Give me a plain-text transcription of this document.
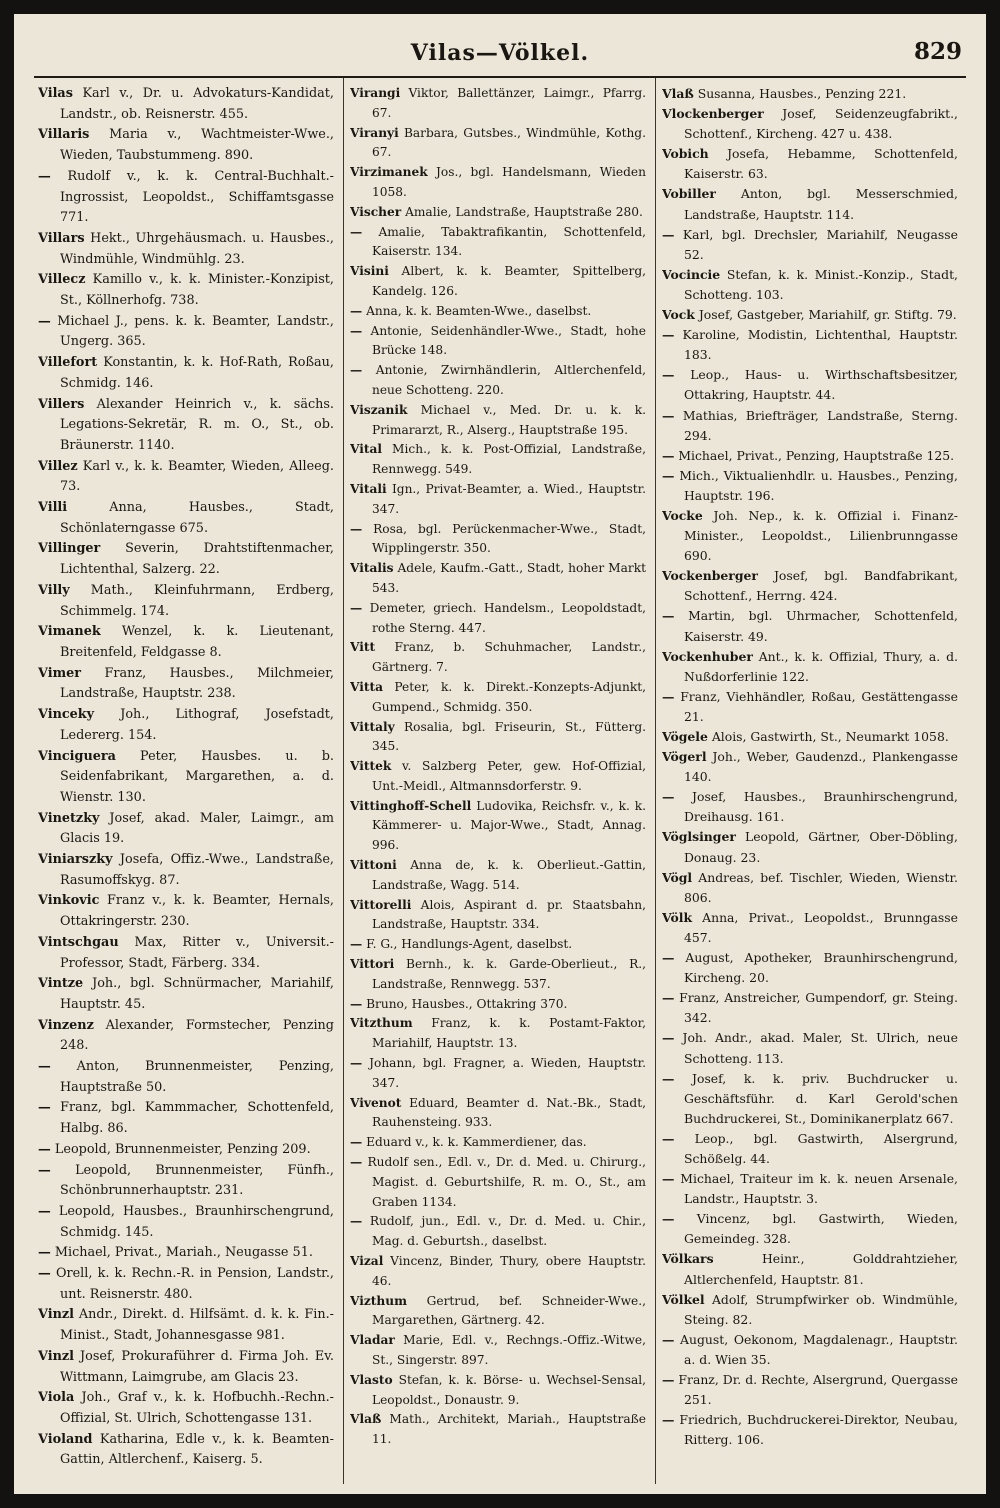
Vilas—Völkel.	829
Vilas Karl v., Dr. u. Advokaturs-Kandidat, Landstr., ob. Reisnerstr. 455.
Villaris Maria v., Wachtmeister-Wwe., Wieden, Taubstummeng. 890.
— Rudolf v., k. k. Central-Buchhalt.-Ingrossist, Leopoldst., Schiffamtsgasse 771.
Villars Hekt., Uhrgehäusmach. u. Hausbes., Windmühle, Windmühlg. 23.
Villecz Kamillo v., k. k. Minister.-Konzipist, St., Köllnerhofg. 738.
— Michael J., pens. k. k. Beamter, Landstr., Ungerg. 365.
Villefort Konstantin, k. k. Hof-Rath, Roßau, Schmidg. 146.
Villers Alexander Heinrich v., k. sächs. Legations-Sekretär, R. m. O., St., ob. Bräunerstr. 1140.
Villez Karl v., k. k. Beamter, Wieden, Alleeg. 73.
Villi	Anna, Hausbes., Stadt, Schönlaterngasse 675.
Villinger Severin, Drahtstiftenmacher, Lichtenthal, Salzerg. 22.
Villy Math., Kleinfuhrmann, Erdberg, Schimmelg. 174.
Vimanek Wenzel, k. k. Lieutenant, Breitenfeld, Feldgasse 8.
Vimer Franz, Hausbes., Milchmeier, Landstraße, Hauptstr. 238.
Vinceky Joh., Lithograf, Josefstadt, Ledererg. 154.
Vinciguera Peter, Hausbes. u. b. Seidenfabrikant, Margarethen, a. d. Wienstr. 130.
Vinetzky Josef, akad. Maler, Laimgr., am Glacis 19.
Viniarszky Josefa, Offiz.-Wwe., Landstraße, Rasumoffskyg. 87.
Vinkovic Franz v., k. k. Beamter, Hernals, Ottakringerstr. 230.
Vintschgau Max, Ritter v., Universit.-Professor, Stadt, Färberg. 334.
Vintze Joh., bgl. Schnürmacher, Mariahilf, Hauptstr. 45.
Vinzenz Alexander, Formstecher, Penzing 248.
— Anton, Brunnenmeister, Penzing, Hauptstraße 50.
— Franz, bgl. Kammmacher, Schottenfeld, Halbg. 86.
— Leopold, Brunnenmeister, Penzing 209.
— Leopold, Brunnenmeister, Fünfh., Schönbrunnerhauptstr. 231.
— Leopold, Hausbes., Braunhirschengrund, Schmidg. 145.
— Michael, Privat., Mariah., Neugasse 51.
— Orell, k. k. Rechn.-R. in Pension, Landstr., unt. Reisnerstr. 480.
Vinzl Andr., Direkt. d. Hilfsämt. d. k. k. Fin.-Minist., Stadt, Johannesgasse 981.
Vinzl Josef, Prokuraführer d. Firma Joh. Ev. Wittmann, Laimgrube, am Glacis 23.
Viola Joh., Graf v., k. k. Hofbuchh.-Rechn.-Offizial, St. Ulrich, Schottengasse 131.
Violand Katharina, Edle v., k. k. Beamten-Gattin, Altlerchenf., Kaiserg. 5.
Virangi Viktor, Ballettänzer, Laimgr., Pfarrg. 67.
Viranyi Barbara, Gutsbes., Windmühle, Kothg. 67.
Virzimanek Jos., bgl. Handelsmann, Wieden 1058.
Vischer Amalie, Landstraße, Hauptstraße 280.
— Amalie, Tabaktrafikantin, Schottenfeld, Kaiserstr. 134.
Visini Albert, k. k. Beamter, Spittelberg, Kandelg. 126.
— Anna, k. k. Beamten-Wwe., daselbst.
— Antonie, Seidenhändler-Wwe., Stadt, hohe Brücke 148.
— Antonie, Zwirnhändlerin, Altlerchenfeld, neue Schotteng. 220.
Viszanik Michael v., Med. Dr. u. k. k. Primararzt, R., Alserg., Hauptstraße 195.
Vital Mich., k. k. Post-Offizial, Landstraße, Rennwegg. 549.
Vitali Ign., Privat-Beamter, a. Wied., Hauptstr. 347.
— Rosa, bgl. Perückenmacher-Wwe., Stadt, Wipplingerstr. 350.
Vitalis Adele, Kaufm.-Gatt., Stadt, hoher Markt 543.
— Demeter, griech. Handelsm., Leopoldstadt, rothe Sterng. 447.
Vitt Franz, b. Schuhmacher, Landstr., Gärtnerg. 7.
Vitta Peter, k. k. Direkt.-Konzepts-Adjunkt, Gumpend., Schmidg. 350.
Vittaly Rosalia, bgl. Friseurin, St., Fütterg. 345.
Vittek v. Salzberg Peter, gew. Hof-Offizial, Unt.-Meidl., Altmannsdorferstr. 9.
Vittinghoff-Schell Ludovika, Reichsfr. v., k. k. Kämmerer- u. Major-Wwe., Stadt, Annag. 996.
Vittoni Anna de, k. k. Oberlieut.-Gattin, Landstraße, Wagg. 514.
Vittorelli Alois, Aspirant d. pr. Staatsbahn, Landstraße, Hauptstr. 334.
— F. G., Handlungs-Agent, daselbst.
Vittori Bernh., k. k. Garde-Oberlieut., R., Landstraße, Rennwegg. 537.
— Bruno, Hausbes., Ottakring 370.
Vitzthum Franz, k. k. Postamt-Faktor, Mariahilf, Hauptstr. 13.
— Johann, bgl. Fragner, a. Wieden, Hauptstr. 347.
Vivenot Eduard, Beamter d. Nat.-Bk., Stadt, Rauhensteing. 933.
— Eduard v., k. k. Kammerdiener, das.
— Rudolf sen., Edl. v., Dr. d. Med. u. Chirurg., Magist. d. Geburtshilfe, R. m. O., St., am Graben 1134.
— Rudolf, jun., Edl. v., Dr. d. Med. u. Chir., Mag. d. Geburtsh., daselbst.
Vizal Vincenz, Binder, Thury, obere Hauptstr. 46.
Vizthum Gertrud, bef. Schneider-Wwe., Margarethen, Gärtnerg. 42.
Vladar Marie, Edl. v., Rechngs.-Offiz.-Witwe, St., Singerstr. 897.
Vlasto Stefan, k. k. Börse- u. Wechsel-Sensal, Leopoldst., Donaustr. 9.
Vlaß Math., Architekt, Mariah., Hauptstraße 11.
Vlaß Susanna, Hausbes., Penzing 221.
Vlockenberger Josef, Seidenzeugfabrikt., Schottenf., Kircheng. 427 u. 438.
Vobich Josefa, Hebamme, Schottenfeld, Kaiserstr. 63.
Vobiller Anton, bgl. Messerschmied, Landstraße, Hauptstr. 114.
— Karl, bgl. Drechsler, Mariahilf, Neugasse 52.
Vocincie Stefan, k. k. Minist.-Konzip., Stadt, Schotteng. 103.
Vock Josef, Gastgeber, Mariahilf, gr. Stiftg. 79.
— Karoline, Modistin, Lichtenthal, Hauptstr. 183.
— Leop., Haus- u. Wirthschaftsbesitzer, Ottakring, Hauptstr. 44.
— Mathias, Briefträger, Landstraße, Sterng. 294.
— Michael, Privat., Penzing, Hauptstraße 125.
— Mich., Viktualienhdlr. u. Hausbes., Penzing, Hauptstr. 196.
Vocke Joh. Nep., k. k. Offizial i. Finanz-Minister., Leopoldst., Lilienbrunngasse 690.
Vockenberger Josef, bgl. Bandfabrikant, Schottenf., Herrng. 424.
— Martin, bgl. Uhrmacher, Schottenfeld, Kaiserstr. 49.
Vockenhuber Ant., k. k. Offizial, Thury, a. d. Nußdorferlinie 122.
— Franz, Viehhändler, Roßau, Gestättengasse 21.
Vögele Alois, Gastwirth, St., Neumarkt 1058.
Vögerl Joh., Weber, Gaudenzd., Plankengasse 140.
— Josef, Hausbes., Braunhirschengrund, Dreihausg. 161.
Vöglsinger Leopold, Gärtner, Ober-Döbling, Donaug. 23.
Vögl Andreas, bef. Tischler, Wieden, Wienstr. 806.
Völk Anna, Privat., Leopoldst., Brunngasse 457.
— August, Apotheker, Braunhirschengrund, Kircheng. 20.
— Franz, Anstreicher, Gumpendorf, gr. Steing. 342.
— Joh. Andr., akad. Maler, St. Ulrich, neue Schotteng. 113.
— Josef, k. k. priv. Buchdrucker u. Geschäftsführ. d. Karl Gerold'schen Buchdruckerei, St., Dominikanerplatz 667.
— Leop., bgl. Gastwirth, Alsergrund, Schößelg. 44.
— Michael, Traiteur im k. k. neuen Arsenale, Landstr., Hauptstr. 3.
— Vincenz, bgl. Gastwirth, Wieden, Gemeindeg. 328.
Völkars	Heinr., Golddrahtzieher, Altlerchenfeld, Hauptstr. 81.
Völkel Adolf, Strumpfwirker ob. Windmühle, Steing. 82.
— August, Oekonom, Magdalenagr., Hauptstr. a. d. Wien 35.
— Franz, Dr. d. Rechte, Alsergrund, Quergasse 251.
— Friedrich, Buchdruckerei-Direktor, Neubau, Ritterg. 106.
